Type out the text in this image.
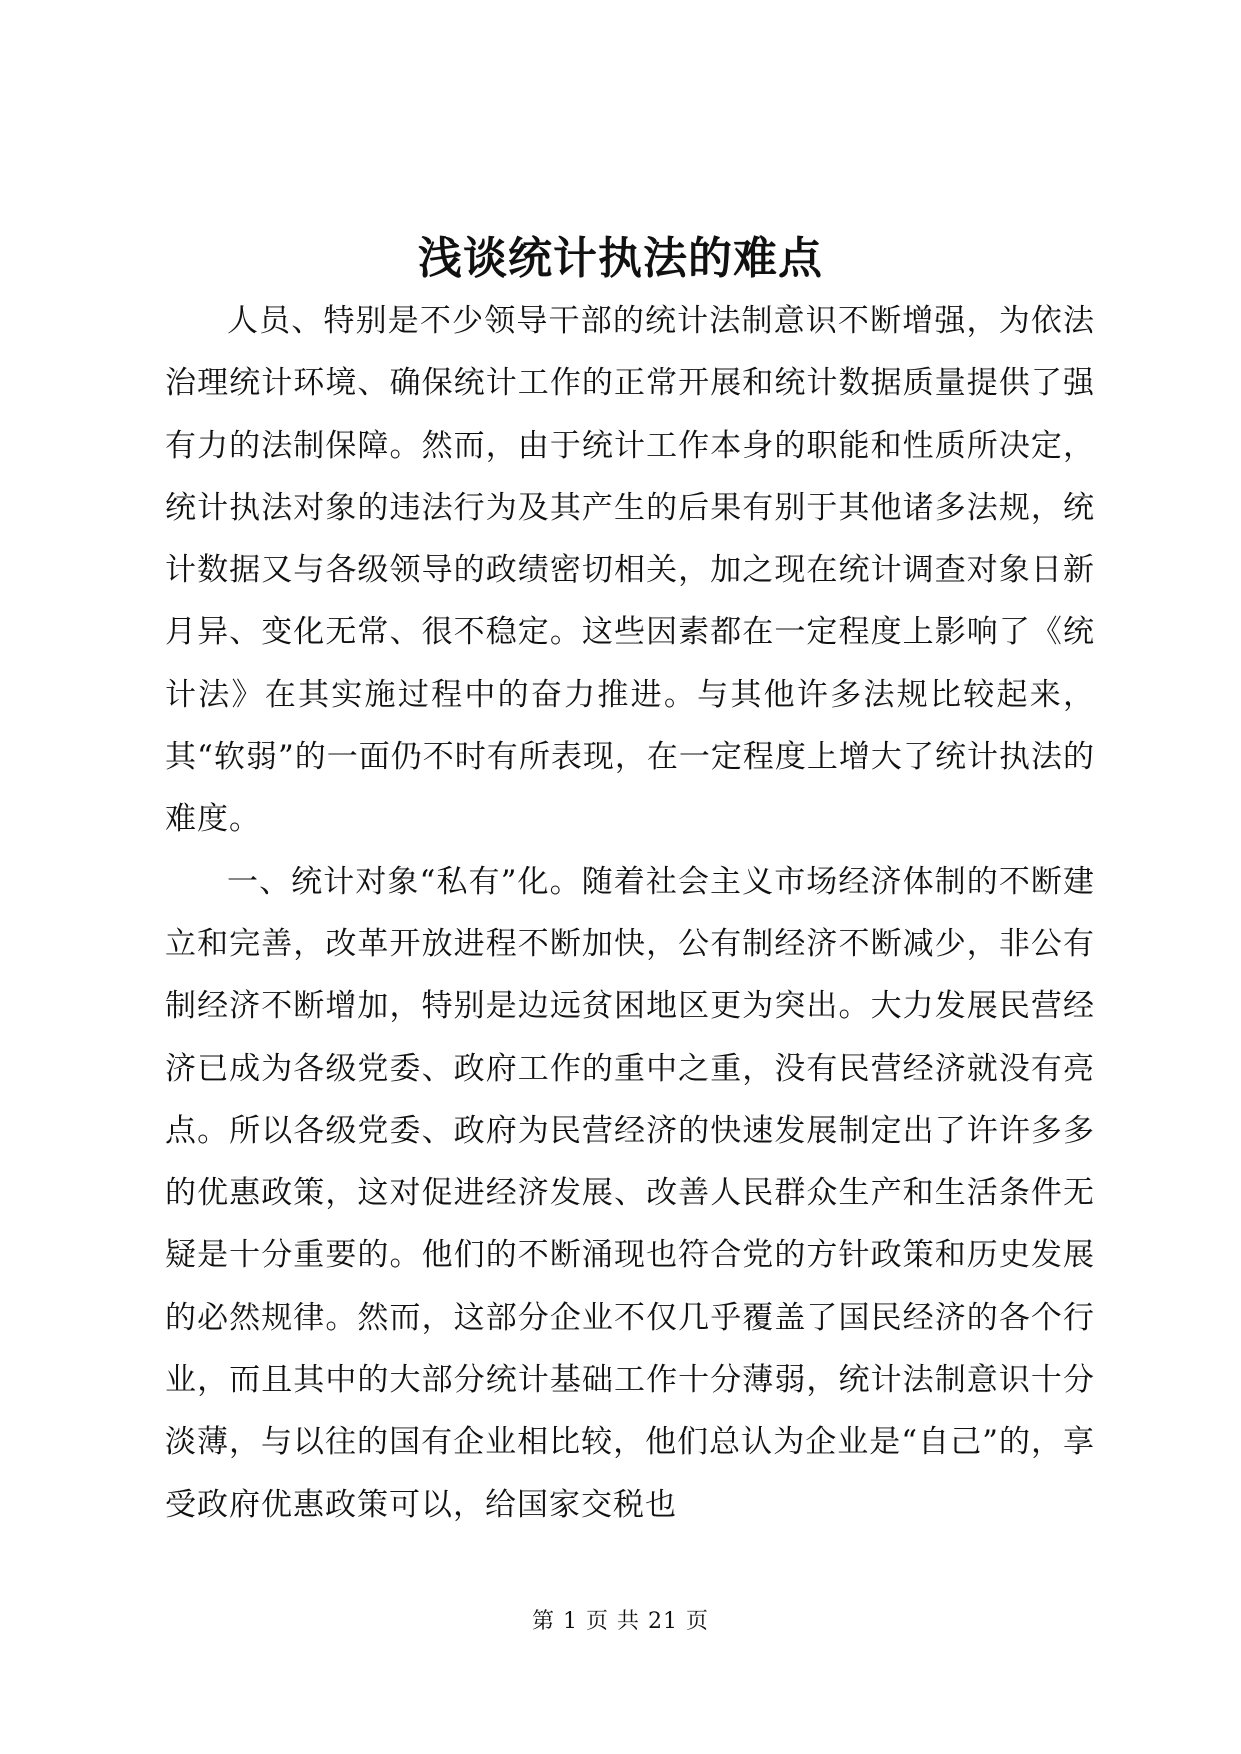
浅谈统计执法的难点

人员、特别是不少领导干部的统计法制意识不断增强，为依法治理统计环境、确保统计工作的正常开展和统计数据质量提供了强有力的法制保障。然而，由于统计工作本身的职能和性质所决定，统计执法对象的违法行为及其产生的后果有别于其他诸多法规，统计数据又与各级领导的政绩密切相关，加之现在统计调查对象日新月异、变化无常、很不稳定。这些因素都在一定程度上影响了《统计法》在其实施过程中的奋力推进。与其他许多法规比较起来，其“软弱”的一面仍不时有所表现，在一定程度上增大了统计执法的难度。

一、统计对象“私有”化。随着社会主义市场经济体制的不断建立和完善，改革开放进程不断加快，公有制经济不断减少，非公有制经济不断增加，特别是边远贫困地区更为突出。大力发展民营经济已成为各级党委、政府工作的重中之重，没有民营经济就没有亮点。所以各级党委、政府为民营经济的快速发展制定出了许许多多的优惠政策，这对促进经济发展、改善人民群众生产和生活条件无疑是十分重要的。他们的不断涌现也符合党的方针政策和历史发展的必然规律。然而，这部分企业不仅几乎覆盖了国民经济的各个行业，而且其中的大部分统计基础工作十分薄弱，统计法制意识十分淡薄，与以往的国有企业相比较，他们总认为企业是“自己”的，享受政府优惠政策可以，给国家交税也

第 1 页 共 21 页
